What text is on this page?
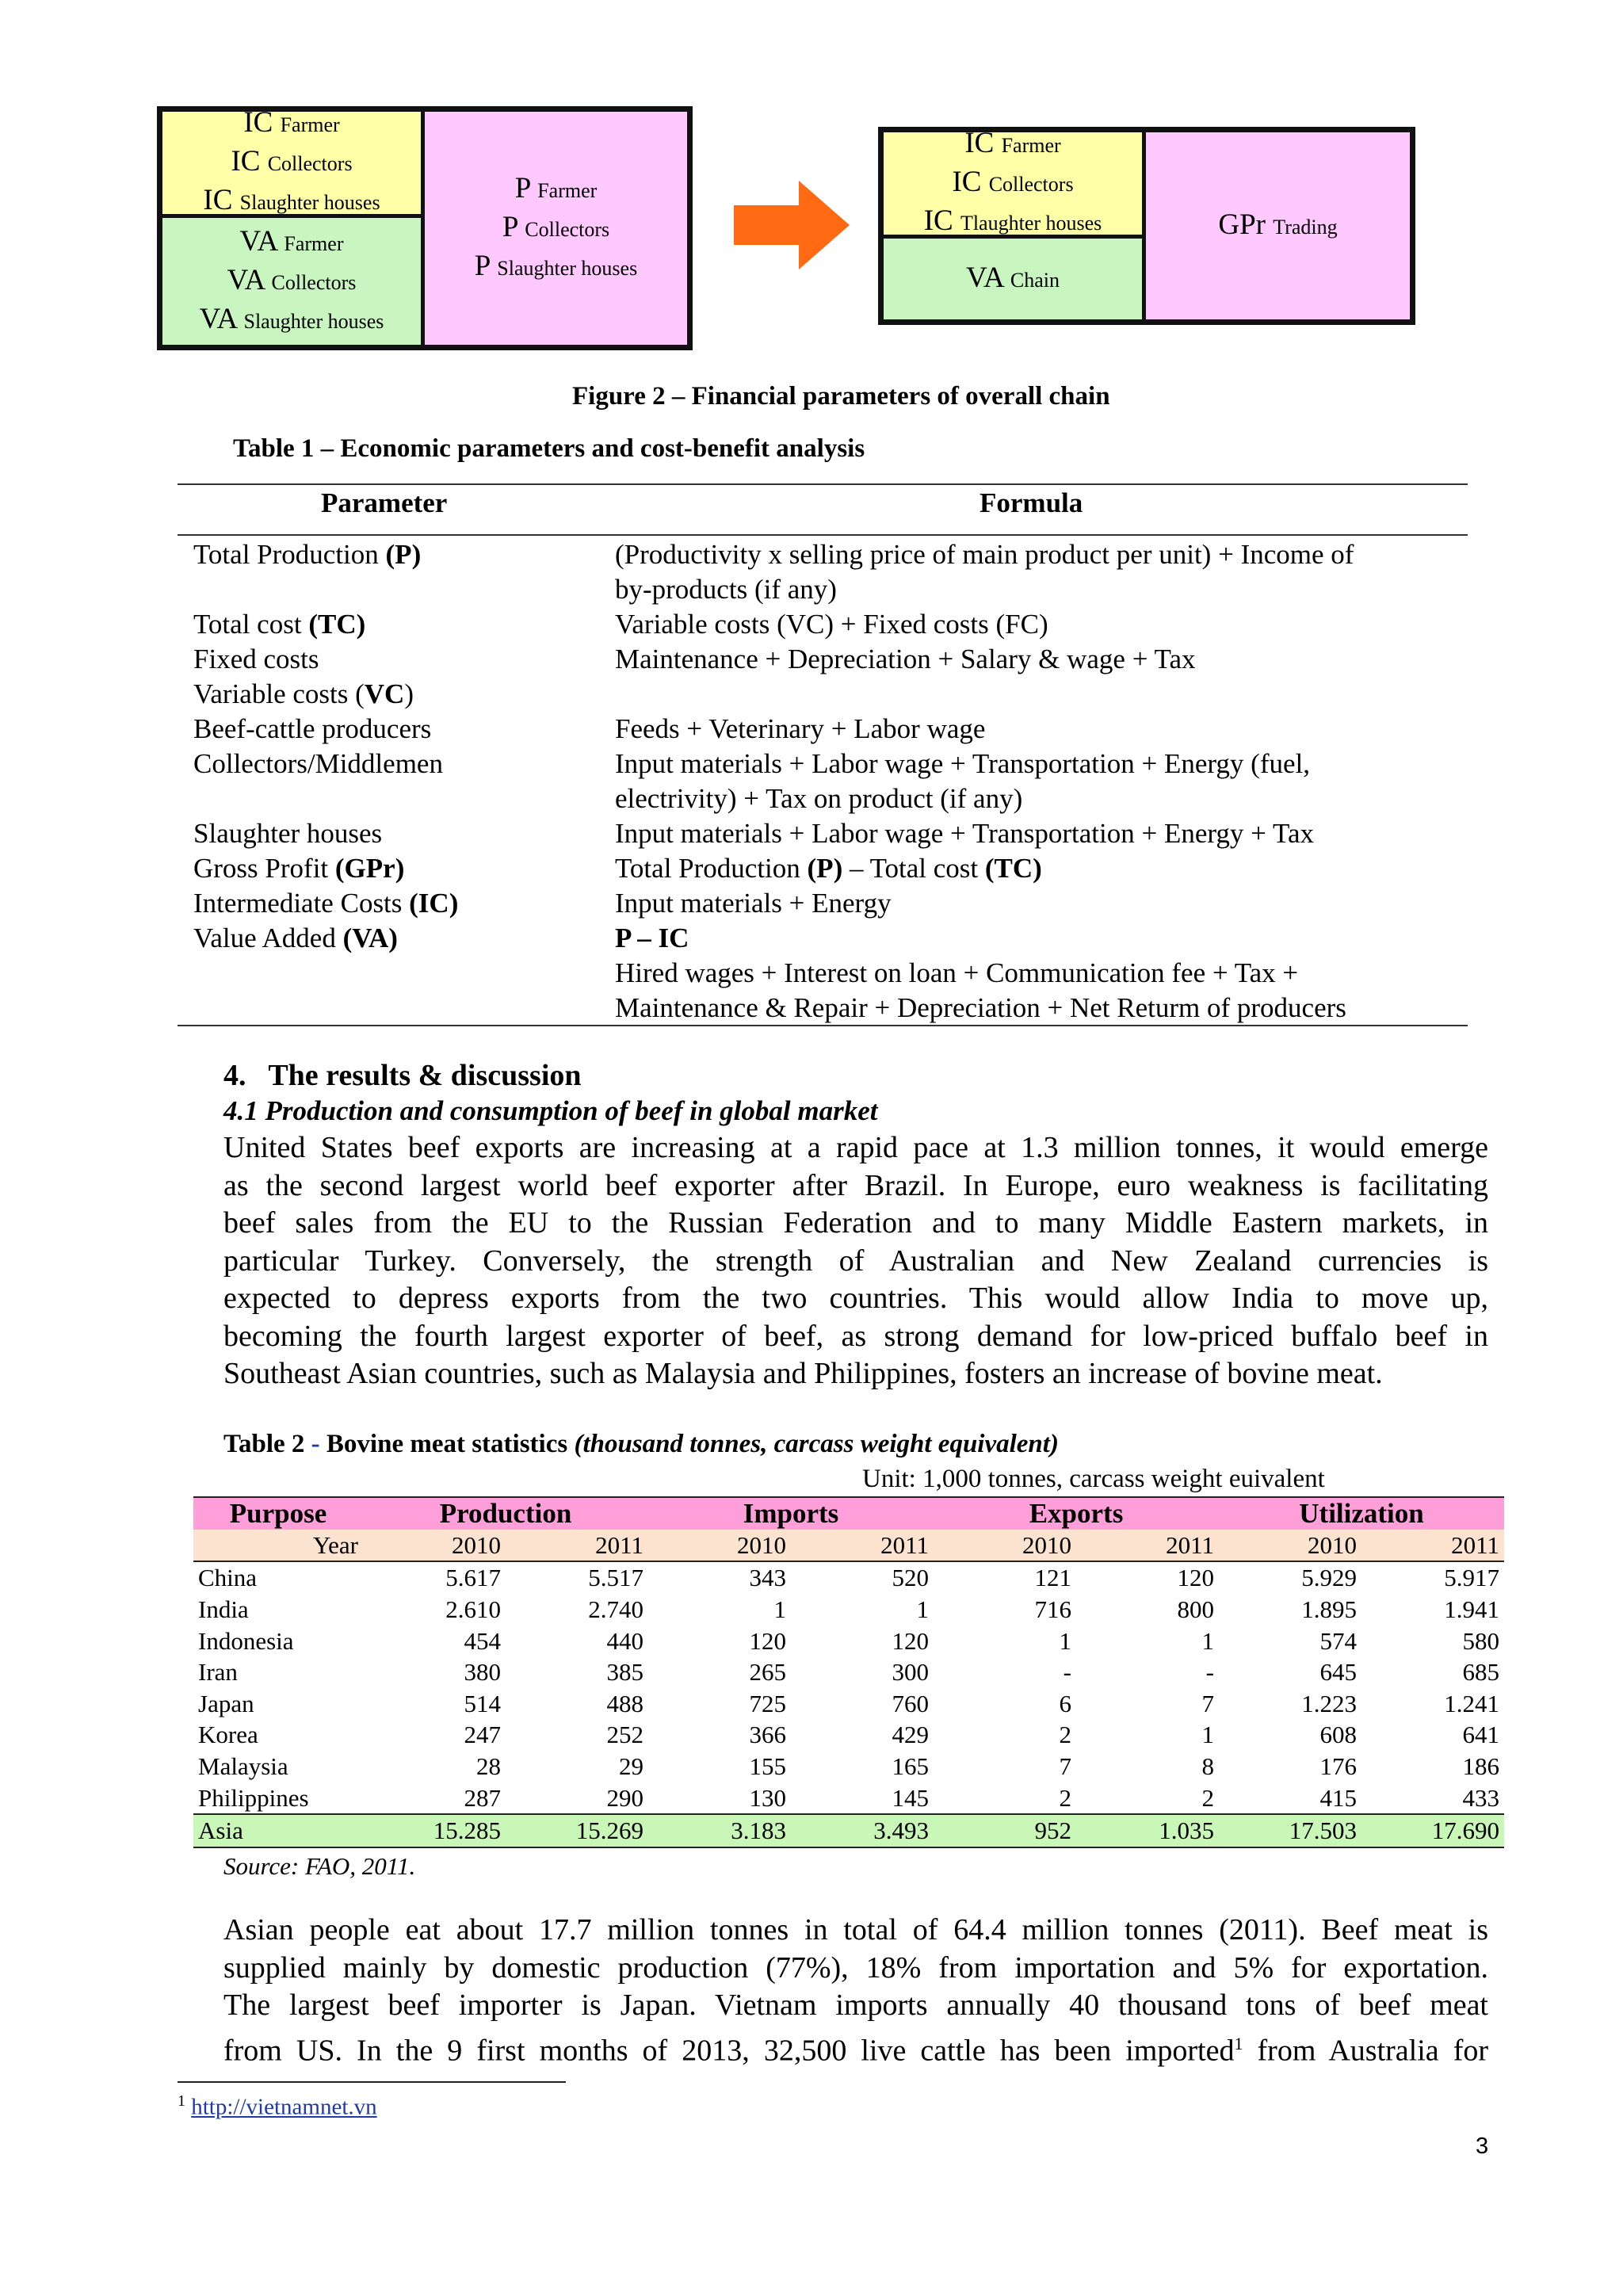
IC Farmer
IC Collectors
IC Slaughter houses
VA Farmer
VA Collectors
VA Slaughter houses
P Farmer
P Collectors
P Slaughter houses
IC Farmer
IC Collectors
IC Tlaughter houses
VA Chain
GPr Trading
Figure 2 – Financial parameters of overall chain
Table 1 – Economic parameters and cost-benefit analysis
Parameter	Formula
Total Production (P)	(Productivity x selling price of main product per unit) + Income of
by-products (if any)
Total cost (TC)	Variable costs (VC) + Fixed costs (FC)
Fixed costs	Maintenance + Depreciation + Salary & wage + Tax
Variable costs (VC)
Beef-cattle producers	Feeds + Veterinary + Labor wage
Collectors/Middlemen	Input materials + Labor wage + Transportation + Energy (fuel,
electrivity) + Tax on product (if any)
Slaughter houses	Input materials + Labor wage + Transportation + Energy + Tax
Gross Profit (GPr)	Total Production (P) – Total cost (TC)
Intermediate Costs (IC)	Input materials + Energy
Value Added (VA)	P – IC
Hired wages + Interest on loan + Communication fee + Tax +
Maintenance & Repair + Depreciation + Net Returm of producers
4.   The results & discussion
4.1 Production and consumption of beef in global market
United States beef exports are increasing at a rapid pace at 1.3 million tonnes, it would emerge
as the second largest world beef exporter after Brazil. In Europe, euro weakness is facilitating
beef sales from the EU to the Russian Federation and to many Middle Eastern markets, in
particular Turkey. Conversely, the strength of Australian and New Zealand currencies is
expected to depress exports from the two countries. This would allow India to move up,
becoming the fourth largest exporter of beef, as strong demand for low-priced buffalo beef in
Southeast Asian countries, such as Malaysia and Philippines, fosters an increase of bovine meat.
Table 2 - Bovine meat statistics (thousand tonnes, carcass weight equivalent)
Unit: 1,000 tonnes, carcass weight euivalent
Purpose	Production		Imports		Exports		Utilization	
Year	2010	2011	2010	2011	2010	2011	2010	2011
China	5.617	5.517	343	520	121	120	5.929	5.917
India	2.610	2.740	1	1	716	800	1.895	1.941
Indonesia	454	440	120	120	1	1	574	580
Iran	380	385	265	300	-	-	645	685
Japan	514	488	725	760	6	7	1.223	1.241
Korea	247	252	366	429	2	1	608	641
Malaysia	28	29	155	165	7	8	176	186
Philippines	287	290	130	145	2	2	415	433
Asia	15.285	15.269	3.183	3.493	952	1.035	17.503	17.690
Source: FAO, 2011.
Asian people eat about 17.7 million tonnes in total of 64.4 million tonnes (2011). Beef meat is
supplied mainly by domestic production (77%), 18% from importation and 5% for exportation.
The largest beef importer is Japan. Vietnam imports annually 40 thousand tons of beef meat
from US. In the 9 first months of 2013, 32,500 live cattle has been imported$^1$ from Australia for
$^1$ http://vietnamnet.vn
3
